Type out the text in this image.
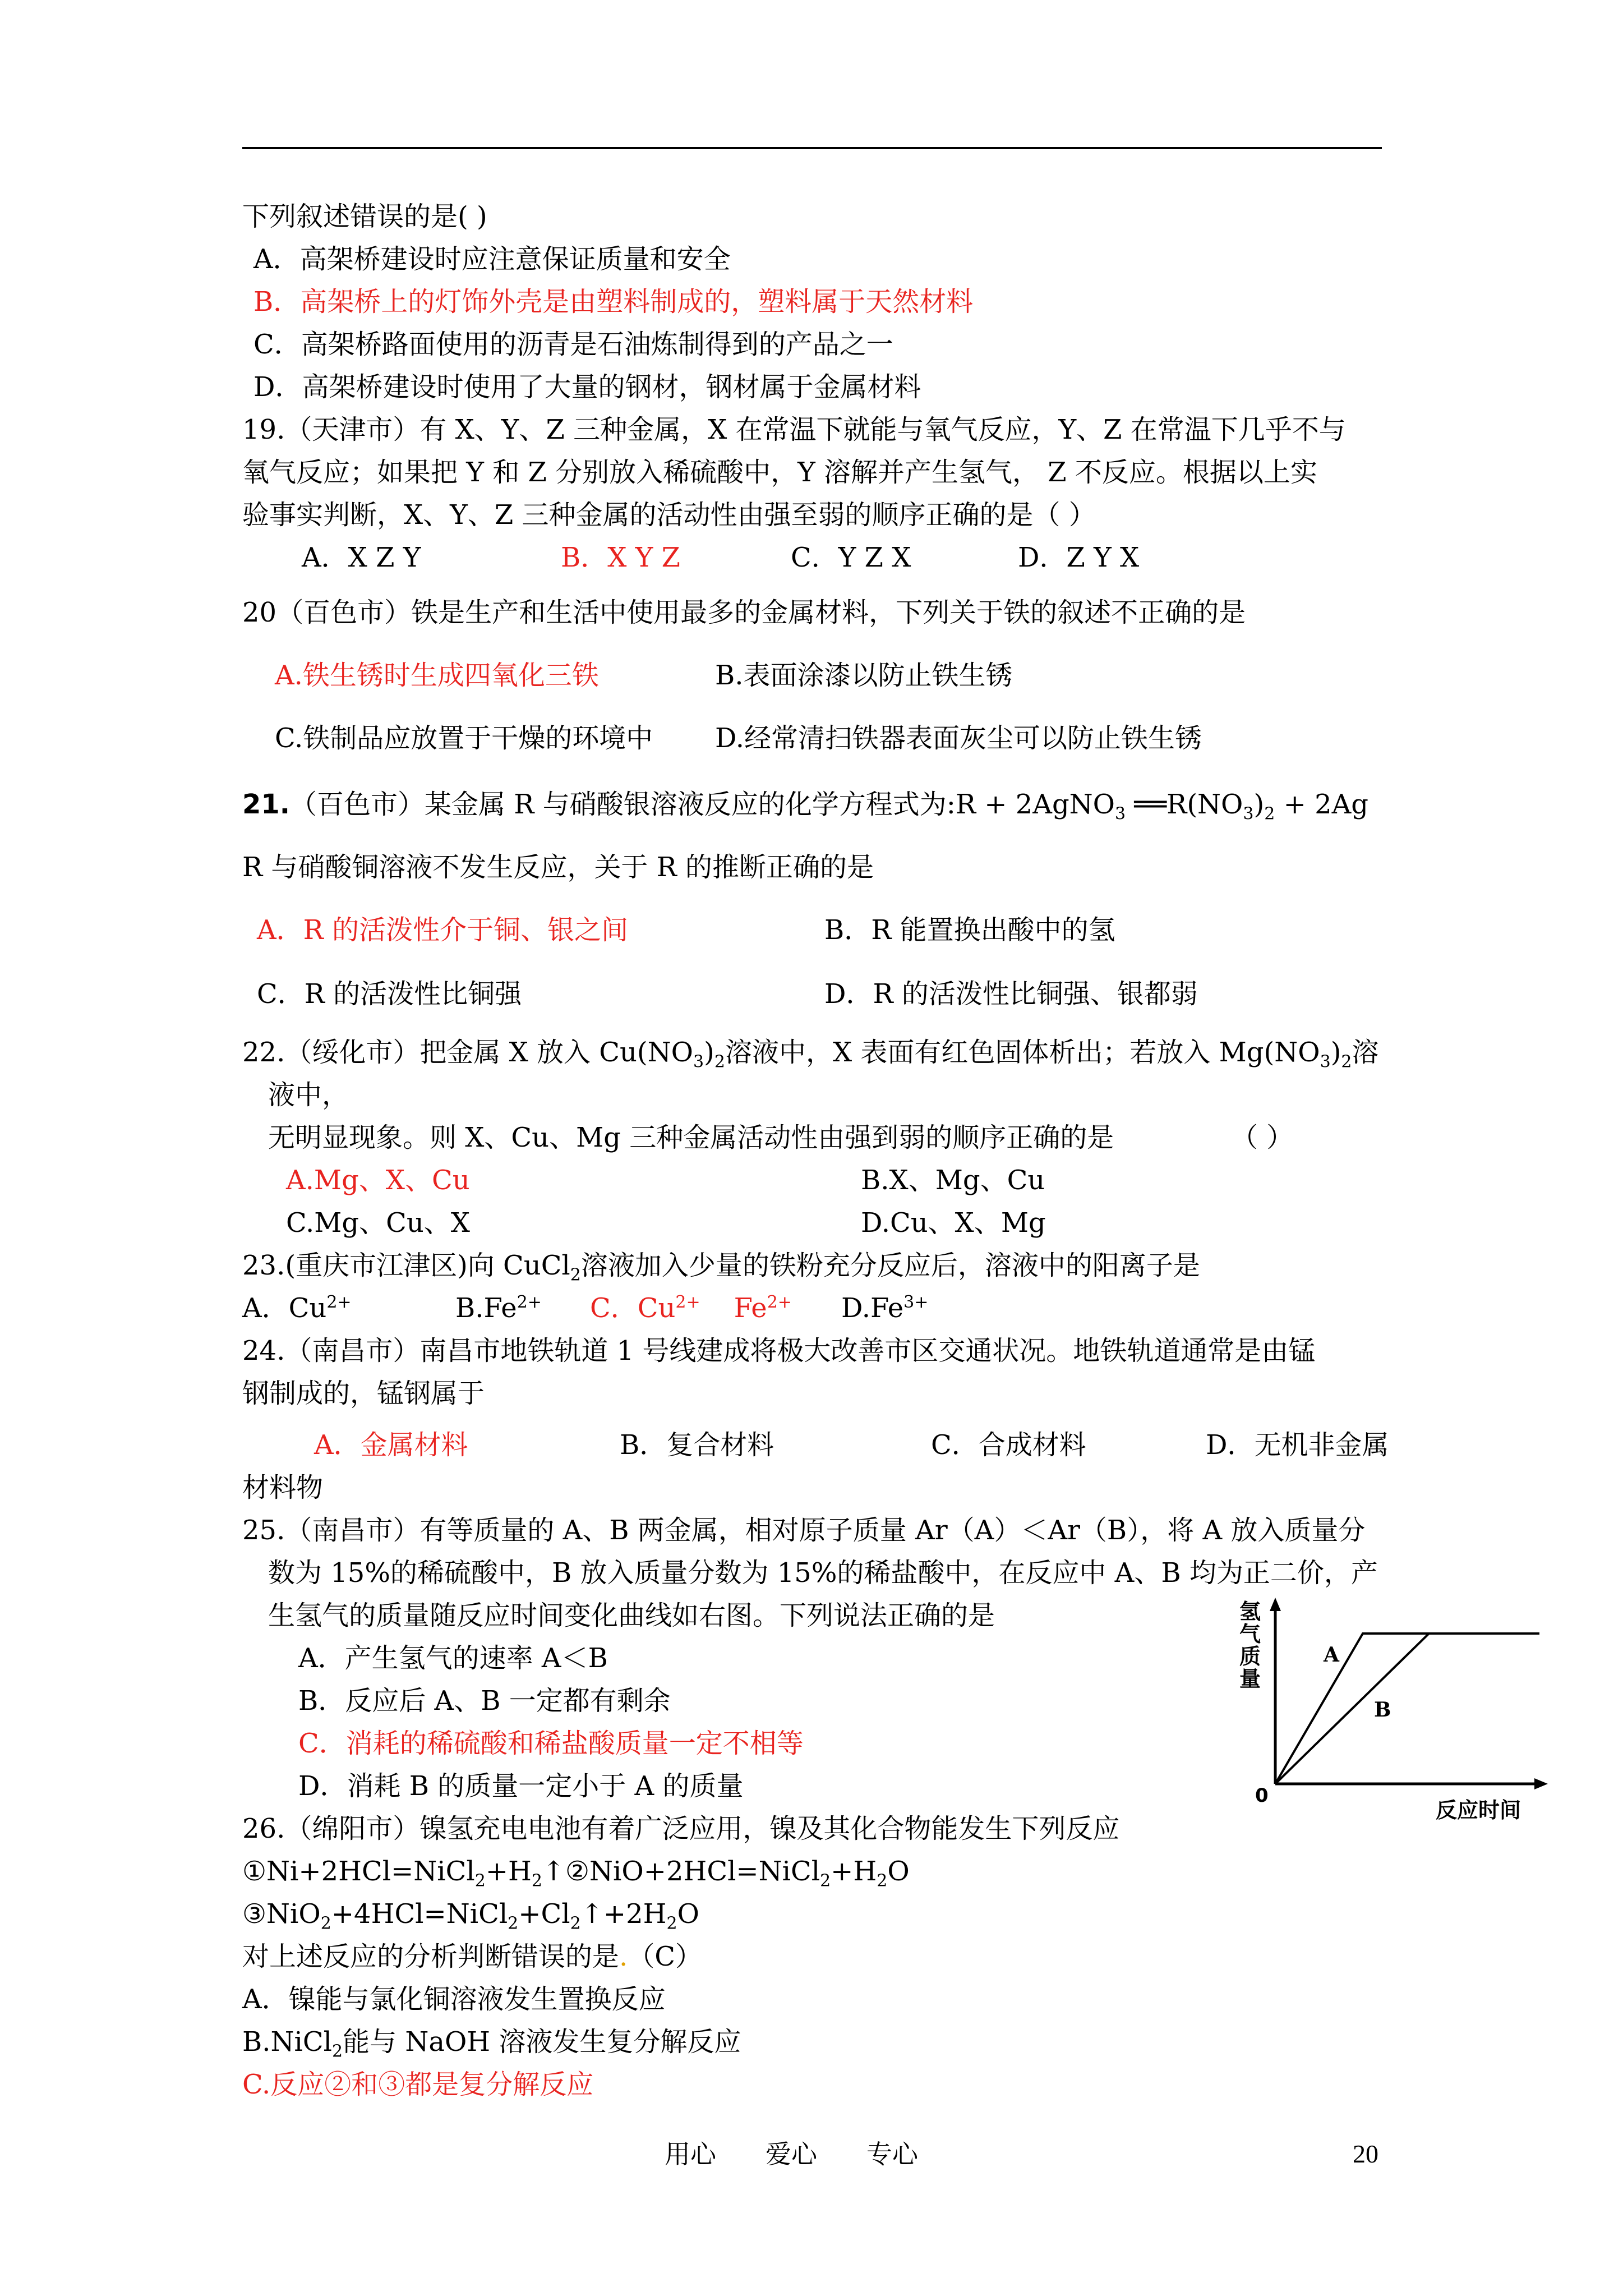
下列叙述错误的是( )
A．高架桥建设时应注意保证质量和安全
B．高架桥上的灯饰外壳是由塑料制成的，塑料属于天然材料
C．高架桥路面使用的沥青是石油炼制得到的产品之一
D．高架桥建设时使用了大量的钢材，钢材属于金属材料
19.（天津市）有 X、Y、Z 三种金属，X 在常温下就能与氧气反应，Y、Z 在常温下几乎不与
氧气反应；如果把 Y 和 Z 分别放入稀硫酸中，Y 溶解并产生氢气， Z 不反应。根据以上实
验事实判断，X、Y、Z 三种金属的活动性由强至弱的顺序正确的是（ ）
A．X Z Y	B．X Y Z	C．Y Z X	D．Z Y X
20（百色市）铁是生产和生活中使用最多的金属材料，下列关于铁的叙述不正确的是
A.铁生锈时生成四氧化三铁	B.表面涂漆以防止铁生锈
C.铁制品应放置于干燥的环境中 D.经常清扫铁器表面灰尘可以防止铁生锈
21.（百色市）某金属 R 与硝酸银溶液反应的化学方程式为:R + 2AgNO$_3$ $══R(NO_3)_2 + 2Ag$
R 与硝酸铜溶液不发生反应，关于 R 的推断正确的是
A．R 的活泼性介于铜、银之间	B．R 能置换出酸中的氢
C．R 的活泼性比铜强	D．R 的活泼性比铜强、银都弱
22.（绥化市）把金属 X 放入 $Cu(NO_3)_2$溶液中，X 表面有红色固体析出；若放入 $Mg(NO_3)_2$溶
液中，
无明显现象。则 X、Cu、Mg 三种金属活动性由强到弱的顺序正确的是	（ ）
A.Mg、X、Cu	B.X、Mg、Cu
C.Mg、Cu、X	D.Cu、X、Mg
23.(重庆市江津区)向 CuCl$_2$溶液加入少量的铁粉充分反应后，溶液中的阳离子是
A．$Cu^{2+}$	$B.Fe^{2+}$ C．$Cu^{2+}$ $Fe^{2+}$ $D.Fe^{3+}$
24.（南昌市）南昌市地铁轨道 1 号线建成将极大改善市区交通状况。地铁轨道通常是由锰
钢制成的，锰钢属于
A．金属材料	B．复合材料	C．合成材料	D．无机非金属
材料物
25.（南昌市）有等质量的 A、B 两金属，相对原子质量 Ar（A）＜Ar（B），将 A 放入质量分
数为 15%的稀硫酸中，B 放入质量分数为 15%的稀盐酸中，在反应中 A、B 均为正二价，产
生氢气的质量随反应时间变化曲线如右图。下列说法正确的是
A．产生氢气的速率 A＜B
B．反应后 A、B 一定都有剩余
C．消耗的稀硫酸和稀盐酸质量一定不相等
D．消耗 B 的质量一定小于 A 的质量
氢
气
质
量
A
B
0
反应时间
26.（绵阳市）镍氢充电电池有着广泛应用，镍及其化合物能发生下列反应
$①Ni+2HCl=NiCl_2+H_2↑$ $②NiO+2HCl=NiCl_2+H_2O$
$③NiO_2+4HCl=NiCl_2+Cl_2↑+2H_2O$
对上述反应的分析判断错误的是.（C）
A．镍能与氯化铜溶液发生置换反应
B.NiCl$_2$能与 NaOH 溶液发生复分解反应
C.反应②和③都是复分解反应
用心 爱心 专心	20
